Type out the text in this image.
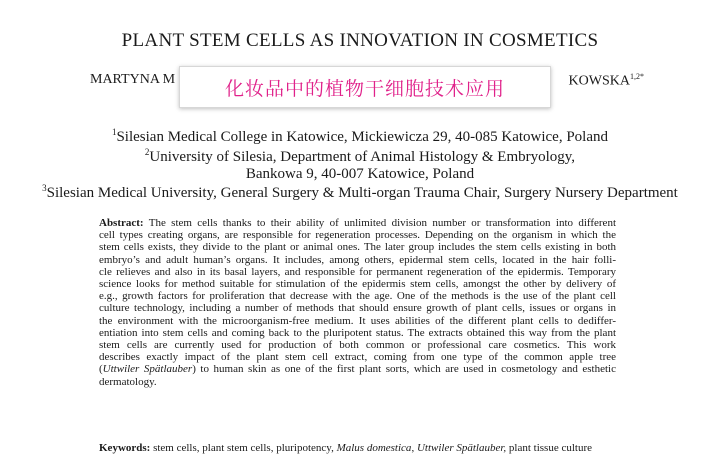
PLANT STEM CELLS AS INNOVATION IN COSMETICS
MARTYNA M	$KOWSKA^{1,2*}$
化妆品中的植物干细胞技术应用
$^1$Silesian Medical College in Katowice, Mickiewicza 29, 40-085 Katowice, Poland
$^2$University of Silesia, Department of Animal Histology & Embryology,
Bankowa 9, 40-007 Katowice, Poland
$^3$Silesian Medical University, General Surgery & Multi-organ Trauma Chair, Surgery Nursery Department
Abstract: The stem cells thanks to their ability of unlimited division number or transformation into different
cell types creating organs, are responsible for regeneration processes. Depending on the organism in which the
stem cells exists, they divide to the plant or animal ones. The later group includes the stem cells existing in both
embryo’s and adult human’s organs. It includes, among others, epidermal stem cells, located in the hair folli-
cle relieves and also in its basal layers, and responsible for permanent regeneration of the epidermis. Temporary
science looks for method suitable for stimulation of the epidermis stem cells, amongst the other by delivery of
e.g., growth factors for proliferation that decrease with the age. One of the methods is the use of the plant cell
culture technology, including a number of methods that should ensure growth of plant cells, issues or organs in
the environment with the microorganism-free medium. It uses abilities of the different plant cells to dediffer-
entiation into stem cells and coming back to the pluripotent status. The extracts obtained this way from the plant
stem cells are currently used for production of both common or professional care cosmetics. This work
describes exactly impact of the plant stem cell extract, coming from one type of the common apple tree
(Uttwiler Spätlauber) to human skin as one of the first plant sorts, which are used in cosmetology and esthetic
dermatology.
Keywords: stem cells, plant stem cells, pluripotency, Malus domestica, Uttwiler Spätlauber, plant tissue culture
